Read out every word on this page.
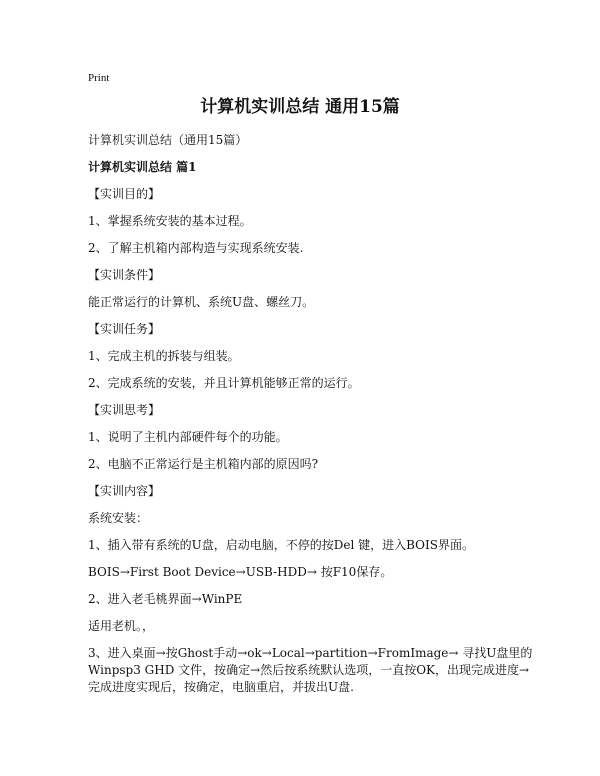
Print
计算机实训总结 通用15篇
计算机实训总结（通用15篇）
计算机实训总结 篇1
【实训目的】
1、掌握系统安装的基本过程。
2、了解主机箱内部构造与实现系统安装.
【实训条件】
能正常运行的计算机、系统U盘、螺丝刀。
【实训任务】
1、完成主机的拆装与组装。
2、完成系统的安装，并且计算机能够正常的运行。
【实训思考】
1、说明了主机内部硬件每个的功能。
2、电脑不正常运行是主机箱内部的原因吗?
【实训内容】
系统安装：
1、插入带有系统的U盘，启动电脑，不停的按Del 键，进入BOIS界面。
BOIS→First Boot Device→USB-HDD→ 按F10保存。
2、进入老毛桃界面→WinPE
适用老机。，
3、进入桌面→按Ghost手动→ok→Local→partition→FromImage→ 寻找U盘里的
Winpsp3 GHD 文件，按确定→然后按系统默认选项，一直按OK，出现完成进度→
完成进度实现后，按确定，电脑重启，并拔出U盘.
